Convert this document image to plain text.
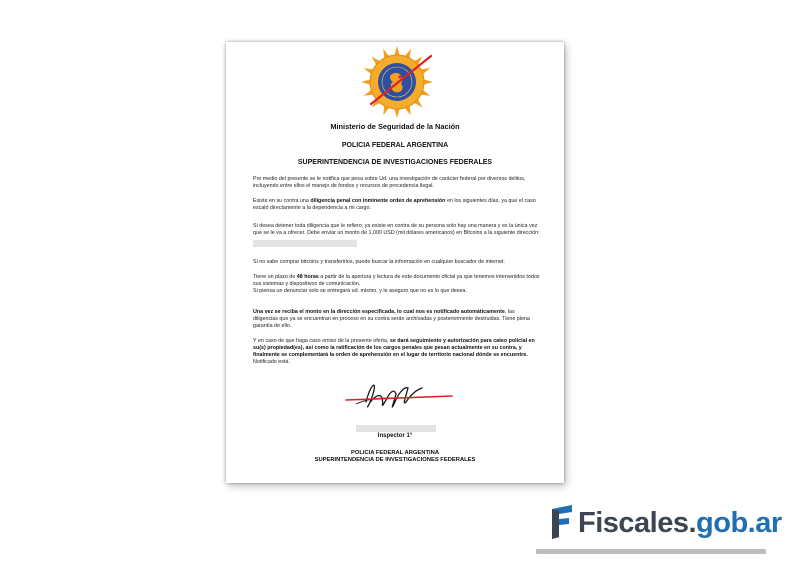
Ministerio de Seguridad de la Nación
POLICIA FEDERAL ARGENTINA
SUPERINTENDENCIA DE INVESTIGACIONES FEDERALES
Por medio del presente se le notifica que pesa sobre Ud. una investigación de carácter federal por diversos delitos, incluyendo entre ellos el manejo de fondos y recursos de procedencia ilegal.
Existe en su contra una diligencia penal con inminente orden de aprehensión en los siguientes días, ya que el caso escaló directamente a la dependencia a mi cargo.
Si desea detener toda diligencia que le refiero; ya existe en contra de su persona solo hay una manera y es la única vez que se le va a ofrecer. Debe enviar un monto de 1,000 USD (mil dólares americanos) en Bitcoins a la siguiente dirección:

Si no sabe comprar bitcoins y transferirlos, puede buscar la información en cualquier buscador de internet.
Tiene un plazo de 48 horas a partir de la apertura y lectura de este documento oficial ya que tenemos intervenidos todos sus sistemas y dispositivos de comunicación.
Si piensa un denunciar solo se entregará ud. mismo, y le aseguro que no es lo que desea.
Una vez se reciba el monto en la dirección especificada, lo cual nos es notificado automáticamente, las diligencias que ya se encuentran en proceso en su contra serán archivadas y posteriormente destruidas. Tiene plena garantía de ello.
Y en caso de que haga caso omiso de la presente oferta, se dará seguimiento y autorización para cateo policial en su(s) propiedad(es), así como la ratificación de los cargos penales que pesan actualmente en su contra, y finalmente se complementará la orden de aprehensión en el lugar de territorio nacional dónde se encuentre. Notificado está.
Inspector 1°
POLICIA FEDERAL ARGENTINA
SUPERINTENDENCIA DE INVESTIGACIONES FEDERALES
Fiscales.gob.ar
